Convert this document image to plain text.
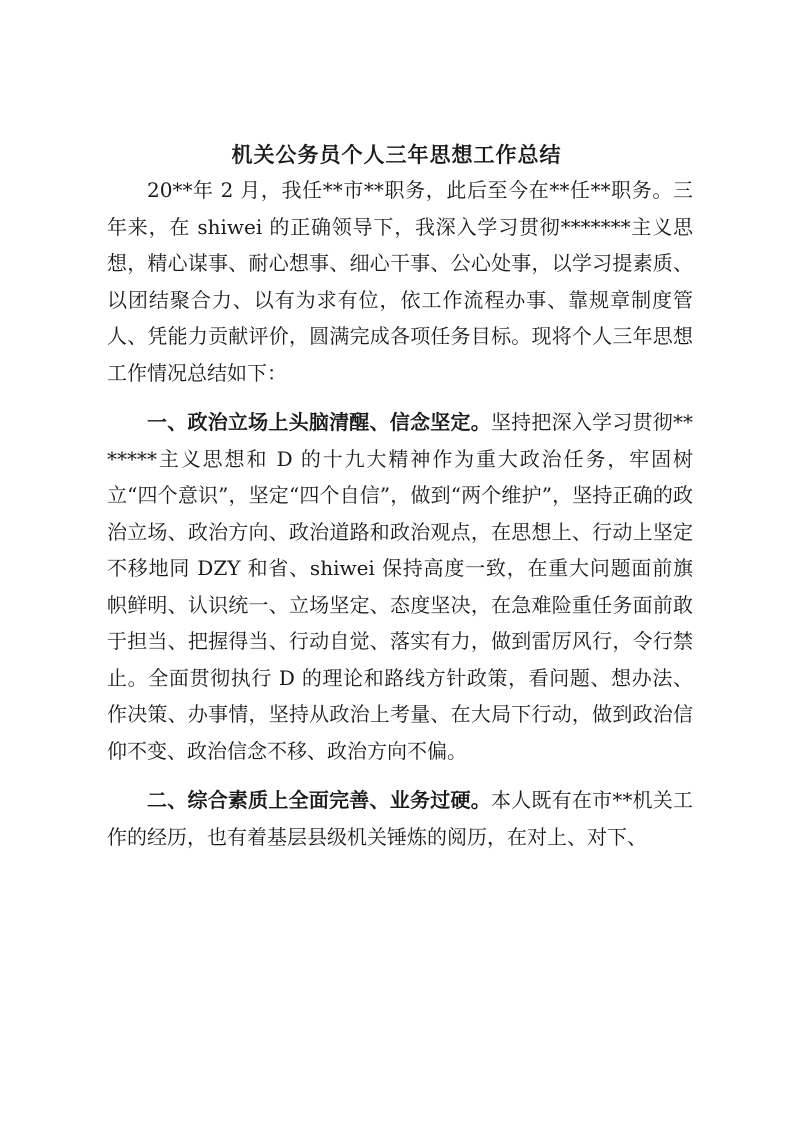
机关公务员个人三年思想工作总结

20**年 2 月，我任**市**职务，此后至今在**任**职务。三年来，在 shiwei 的正确领导下，我深入学习贯彻*******主义思想，精心谋事、耐心想事、细心干事、公心处事，以学习提素质、以团结聚合力、以有为求有位，依工作流程办事、靠规章制度管人、凭能力贡献评价，圆满完成各项任务目标。现将个人三年思想工作情况总结如下：

一、政治立场上头脑清醒、信念坚定。坚持把深入学习贯彻*******主义思想和 D 的十九大精神作为重大政治任务，牢固树立“四个意识”，坚定“四个自信”，做到“两个维护”，坚持正确的政治立场、政治方向、政治道路和政治观点，在思想上、行动上坚定不移地同 DZY 和省、shiwei 保持高度一致，在重大问题面前旗帜鲜明、认识统一、立场坚定、态度坚决，在急难险重任务面前敢于担当、把握得当、行动自觉、落实有力，做到雷厉风行，令行禁止。全面贯彻执行 D 的理论和路线方针政策，看问题、想办法、作决策、办事情，坚持从政治上考量、在大局下行动，做到政治信仰不变、政治信念不移、政治方向不偏。

二、综合素质上全面完善、业务过硬。本人既有在市**机关工作的经历，也有着基层县级机关锤炼的阅历，在对上、对下、
